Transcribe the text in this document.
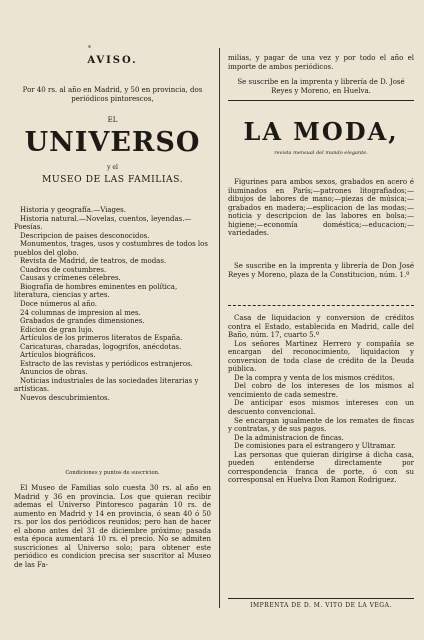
*
AVISO.
Por 40 rs. al año en Madrid, y 50 en provincia, dos periódicos pintorescos,
EL
UNIVERSO
y el
MUSEO DE LAS FAMILIAS.

Historia y geografía.—Viages.

Historia natural.—Novelas, cuentos, leyendas.—Poesías.

Descripcion de paises desconocidos.

Monumentos, trages, usos y costumbres de todos los pueblos del globo.

Revista de Madrid, de teatros, de modas.

Cuadros de costumbres.

Causas y crímenes célebres.

Biografía de hombres eminentes en política, literatura, ciencias y artes.

Doce números al año.

24 columnas de impresion al mes.

Grabados de grandes dimensiones.

Edicion de gran lujo.

Artículos de los primeros literatos de España.

Caricaturas, charadas, logogrifos, anécdotas.

Artículos biográficos.

Estracto de las revistas y periódicos estranjeros.

Anuncios de obras.

Noticias industriales de las sociedades literarias y artísticas.

Nuevos descubrimientos.

Condiciones y puntos de suscricion.

El Museo de Familias solo cuesta 30 rs. al año en Madrid y 36 en provincia. Los que quieran recibir ademas el Universo Pintoresco pagarán 10 rs. de aumento en Madrid y 14 en provincia, ó sean 40 ó 50 rs. por los dos periódicos reunidos; pero han de hacer el abono antes del 31 de diciembre próximo; pasada esta época aumentará 10 rs. el precio. No se admiten suscriciones al Universo solo; para obtener este periódico es condicion precisa ser suscritor al Museo de las Fa-

milias, y pagar de una vez y por todo el año el importe de ambos periódicos.

Se suscribe en la imprenta y librería de D. José Reyes y Moreno, en Huelva.
LA MODA,
revista mensual del mundo elegante.

Figurines para ambos sexos, grabados en acero é iluminados en París;—patrones litografiados;—dibujos de labores de mano;—piezas de música;—grabados en madera;—esplicacion de las modas;—noticia y descripcion de las labores en bolsa;—higiene;—economía doméstica;—educacion;—variedades.

Se suscribe en la imprenta y librería de Don José Reyes y Moreno, plaza de la Constitucion, núm. 1.º

Casa de liquidacion y conversion de créditos contra el Estado, establecida en Madrid, calle del Baño, núm. 17, cuarto 5.º

Los señores Martinez Herrero y compañía se encargan del reconocimiento, liquidacion y conversion de toda clase de crédito de la Deuda pública.

De la compra y venta de los mismos créditos.

Del cobro de los intereses de los mismos al vencimiento de cada semestre.

De anticipar esos mismos intereses con un descuento convencional.

Se encargan igualmente de los remates de fincas y contratas, y de sus pagos.

De la administracion de fincas.

De comisiones para el estrangero y Ultramar.

Las personas que quieran dirigirse á dicha casa, pueden entenderse directamente por correspondencia franca de porte, ó con su corresponsal en Huelva Don Ramon Rodriguez.

IMPRENTA DE D. M. VITO DE LA VEGA.
